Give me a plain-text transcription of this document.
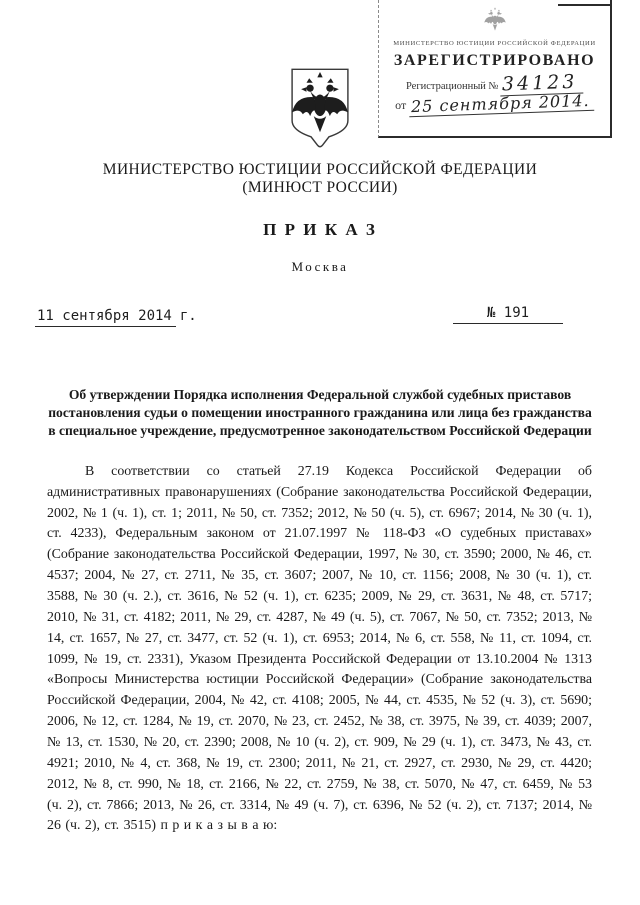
МИНИСТЕРСТВО ЮСТИЦИИ РОССИЙСКОЙ ФЕДЕРАЦИИ
ЗАРЕГИСТРИРОВАНО
Регистрационный № 34123
от 25 сентября 2014.
МИНИСТЕРСТВО ЮСТИЦИИ РОССИЙСКОЙ ФЕДЕРАЦИИ
(МИНЮСТ РОССИИ)
П Р И К А З
Москва
11 сентября 2014 г.	№ 191
Об утверждении Порядка исполнения Федеральной службой судебных приставов постановления судьи о помещении иностранного гражданина или лица без гражданства в специальное учреждение, предусмотренное законодательством Российской Федерации
В соответствии со статьей 27.19 Кодекса Российской Федерации об административных правонарушениях (Собрание законодательства Российской Федерации, 2002, № 1 (ч. 1), ст. 1; 2011, № 50, ст. 7352; 2012, № 50 (ч. 5), ст. 6967; 2014, № 30 (ч. 1), ст. 4233), Федеральным законом от 21.07.1997 № 118-ФЗ «О судебных приставах» (Собрание законодательства Российской Федерации, 1997, № 30, ст. 3590; 2000, № 46, ст. 4537; 2004, № 27, ст. 2711, № 35, ст. 3607; 2007, № 10, ст. 1156; 2008, № 30 (ч. 1), ст. 3588, № 30 (ч. 2.), ст. 3616, № 52 (ч. 1), ст. 6235; 2009, № 29, ст. 3631, № 48, ст. 5717; 2010, № 31, ст. 4182; 2011, № 29, ст. 4287, № 49 (ч. 5), ст. 7067, № 50, ст. 7352; 2013, № 14, ст. 1657, № 27, ст. 3477, ст. 52 (ч. 1), ст. 6953; 2014, № 6, ст. 558, № 11, ст. 1094, ст. 1099, № 19, ст. 2331), Указом Президента Российской Федерации от 13.10.2004 № 1313 «Вопросы Министерства юстиции Российской Федерации» (Собрание законодательства Российской Федерации, 2004, № 42, ст. 4108; 2005, № 44, ст. 4535, № 52 (ч. 3), ст. 5690; 2006, № 12, ст. 1284, № 19, ст. 2070, № 23, ст. 2452, № 38, ст. 3975, № 39, ст. 4039; 2007, № 13, ст. 1530, № 20, ст. 2390; 2008, № 10 (ч. 2), ст. 909, № 29 (ч. 1), ст. 3473, № 43, ст. 4921; 2010, № 4, ст. 368, № 19, ст. 2300; 2011, № 21, ст. 2927, ст. 2930, № 29, ст. 4420; 2012, № 8, ст. 990, № 18, ст. 2166, № 22, ст. 2759, № 38, ст. 5070, № 47, ст. 6459, № 53 (ч. 2), ст. 7866; 2013, № 26, ст. 3314, № 49 (ч. 7), ст. 6396, № 52 (ч. 2), ст. 7137; 2014, № 26 (ч. 2), ст. 3515) п р и к а з ы в а ю:
